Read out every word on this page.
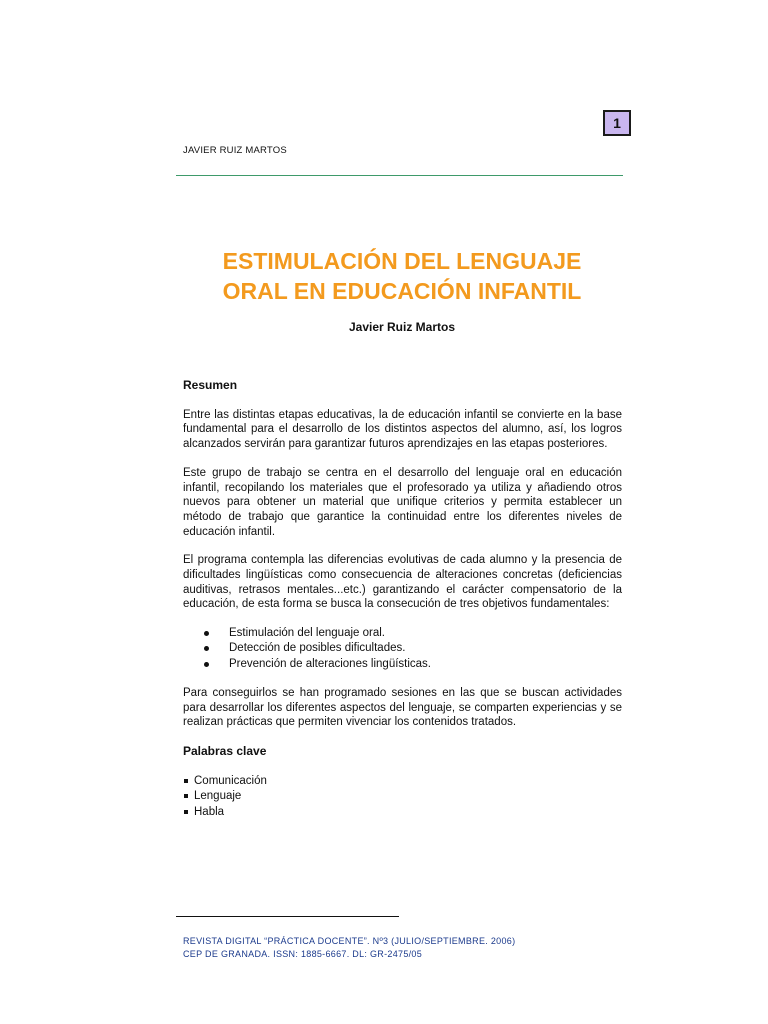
1
JAVIER RUIZ MARTOS
ESTIMULACIÓN DEL LENGUAJE
ORAL EN EDUCACIÓN INFANTIL
Javier Ruiz Martos

Resumen

Entre las distintas etapas educativas, la de educación infantil se convierte en la base fundamental para el desarrollo de los distintos aspectos del alumno, así, los logros alcanzados servirán para garantizar futuros aprendizajes en las etapas posteriores.

Este grupo de trabajo se centra en el desarrollo del lenguaje oral en educación infantil, recopilando los materiales que el profesorado ya utiliza y añadiendo otros nuevos para obtener un material que unifique criterios y permita establecer un método de trabajo que garantice la continuidad entre los diferentes niveles de educación infantil.

El programa contempla las diferencias evolutivas de cada alumno y la presencia de dificultades lingüísticas como consecuencia de alteraciones concretas (deficiencias auditivas, retrasos mentales...etc.) garantizando el carácter compensatorio de la educación, de esta forma se busca la consecución de tres objetivos fundamentales:

Estimulación del lenguaje oral.
Detección de posibles dificultades.
Prevención de alteraciones lingüísticas.

Para conseguirlos se han programado sesiones en las que se buscan actividades para desarrollar los diferentes aspectos del lenguaje, se comparten experiencias y se realizan prácticas que permiten vivenciar los contenidos tratados.

Palabras clave

Comunicación
Lenguaje
Habla
REVISTA DIGITAL “PRÁCTICA DOCENTE”. Nº3 (JULIO/SEPTIEMBRE. 2006)
CEP DE GRANADA. ISSN: 1885-6667. DL: GR-2475/05
